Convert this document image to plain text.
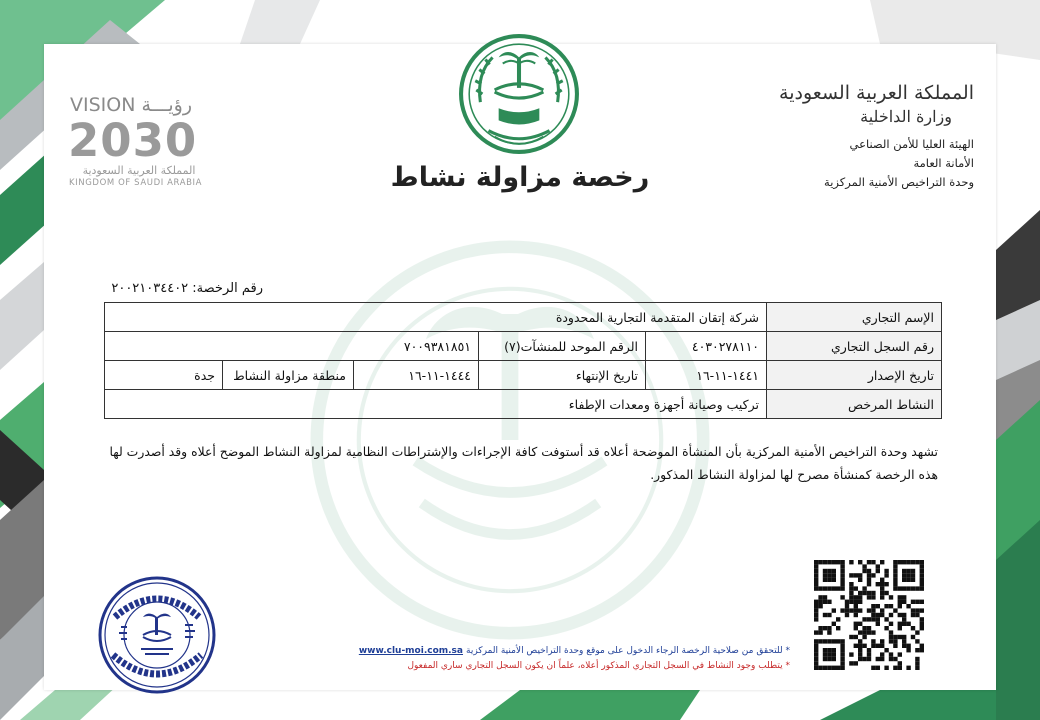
رخصة مزاولة نشاط
VISION رؤيـــة
2030
المملكة العربية السعودية
KINGDOM OF SAUDI ARABIA
المملكة العربية السعودية
وزارة الداخلية
الهيئة العليا للأمن الصناعي
الأمانة العامة
وحدة التراخيص الأمنية المركزية
رقم الرخصة: ٢٠٠٢١٠٣٤٤٠٢
الإسم التجاري	شركة إتقان المتقدمة التجارية المحدودة				
رقم السجل التجاري	٤٠٣٠٢٧٨١١٠	الرقم الموحد للمنشآت(٧)	٧٠٠٩٣٨١٨٥١		
تاريخ الإصدار	١٤٤١-١١-١٦	تاريخ الإنتهاء	١٤٤٤-١١-١٦	منطقة مزاولة النشاط	جدة
النشاط المرخص	تركيب وصيانة أجهزة ومعدات الإطفاء				
تشهد وحدة التراخيص الأمنية المركزية بأن المنشأة الموضحة أعلاه قد أستوفت كافة الإجراءات والإشتراطات النظامية لمزاولة النشاط الموضح أعلاه وقد أصدرت لها هذه الرخصة كمنشأة مصرح لها لمزاولة النشاط المذكور.
* للتحقق من صلاحية الرخصة الرجاء الدخول على موقع وحدة التراخيص الأمنية المركزيةwww.clu-moi.com.sa
* يتطلب وجود النشاط في السجل التجاري المذكور أعلاه، علماً ان يكون السجل التجاري ساري المفعول
